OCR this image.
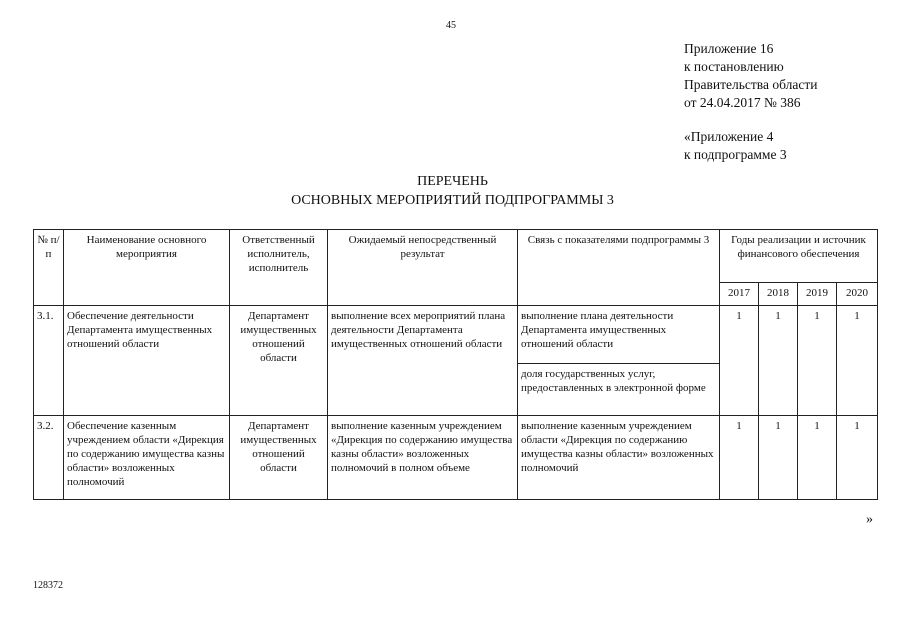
45
Приложение 16
к постановлению
Правительства области
от 24.04.2017 № 386
«Приложение 4
к подпрограмме 3
ПЕРЕЧЕНЬ
ОСНОВНЫХ МЕРОПРИЯТИЙ ПОДПРОГРАММЫ 3
№ п/п	Наименование основного мероприятия	Ответственный исполнитель, исполнитель	Ожидаемый непосредственный результат	Связь с показателями подпрограммы 3	Годы реализации и источник финансового обеспечения			
					2017	2018	2019	2020
3.1.	Обеспечение деятельности Департамента имущественных отношений области	Департамент имущественных отношений области	выполнение всех мероприятий плана деятельности Департамента имущественных отношений области	выполнение плана деятельности Департамента имущественных отношений области	1	1	1	1
				доля государственных услуг, предоставленных в электронной форме				
3.2.	Обеспечение казенным учреждением области «Дирекция по содержанию имущества казны области» возложенных полномочий	Департамент имущественных отношений области	выполнение казенным учреждением «Дирекция по содержанию имущества казны области» возложенных полномочий в полном объеме	выполнение казенным учреждением области «Дирекция по содержанию имущества казны области» возложенных полномочий	1	1	1	1
»
128372
